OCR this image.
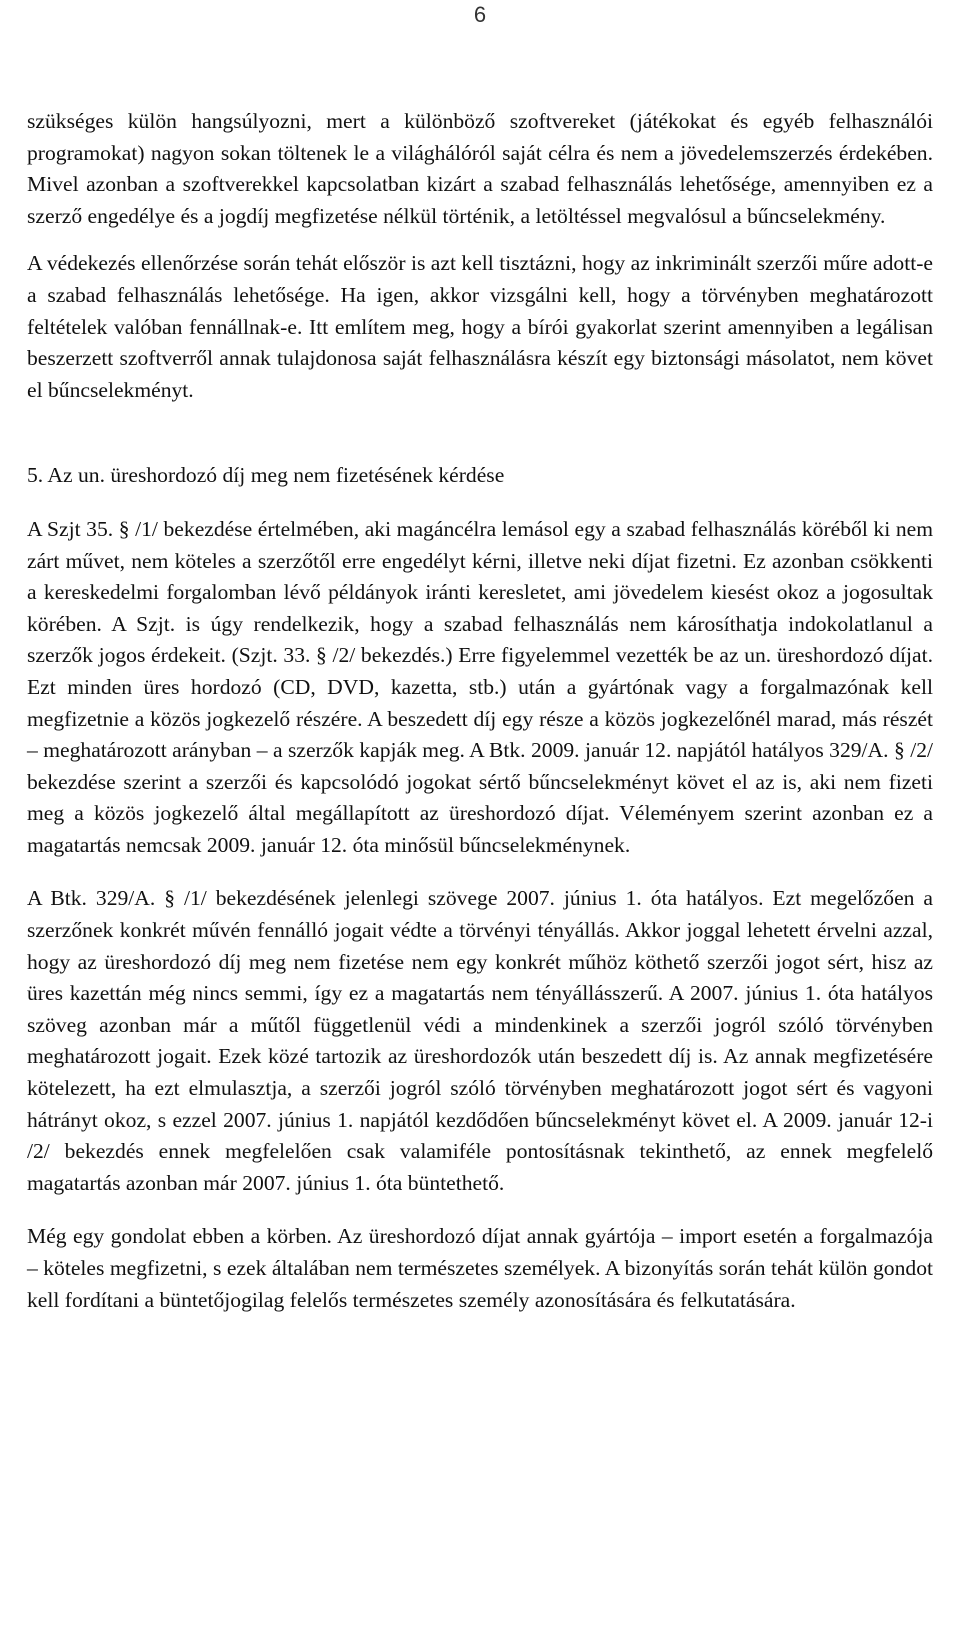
6

szükséges külön hangsúlyozni, mert a különböző szoftvereket (játékokat és egyéb felhasználói programokat) nagyon sokan töltenek le a világhálóról saját célra és nem a jövedelemszerzés érdekében. Mivel azonban a szoftverekkel kapcsolatban kizárt a szabad felhasználás lehetősége, amennyiben ez a szerző engedélye és a jogdíj megfizetése nélkül történik, a letöltéssel megvalósul a bűncselekmény.

A védekezés ellenőrzése során tehát először is azt kell tisztázni, hogy az inkriminált szerzői műre adott-e a szabad felhasználás lehetősége. Ha igen, akkor vizsgálni kell, hogy a törvényben meghatározott feltételek valóban fennállnak-e. Itt említem meg, hogy a bírói gyakorlat szerint amennyiben a legálisan beszerzett szoftverről annak tulajdonosa saját felhasználásra készít egy biztonsági másolatot, nem követ el bűncselekményt.

5. Az un. üreshordozó díj meg nem fizetésének kérdése

A Szjt 35. § /1/ bekezdése értelmében, aki magáncélra lemásol egy a szabad felhasználás köréből ki nem zárt művet, nem köteles a szerzőtől erre engedélyt kérni, illetve neki díjat fizetni. Ez azonban csökkenti a kereskedelmi forgalomban lévő példányok iránti keresletet, ami jövedelem kiesést okoz a jogosultak körében. A Szjt. is úgy rendelkezik, hogy a szabad felhasználás nem károsíthatja indokolatlanul a szerzők jogos érdekeit. (Szjt. 33. § /2/ bekezdés.) Erre figyelemmel vezették be az un. üreshordozó díjat. Ezt minden üres hordozó (CD, DVD, kazetta, stb.) után a gyártónak vagy a forgalmazónak kell megfizetnie a közös jogkezelő részére. A beszedett díj egy része a közös jogkezelőnél marad, más részét – meghatározott arányban – a szerzők kapják meg. A Btk. 2009. január 12. napjától hatályos 329/A. § /2/ bekezdése szerint a szerzői és kapcsolódó jogokat sértő bűncselekményt követ el az is, aki nem fizeti meg a közös jogkezelő által megállapított az üreshordozó díjat. Véleményem szerint azonban ez a magatartás nemcsak 2009. január 12. óta minősül bűncselekménynek.

A Btk. 329/A. § /1/ bekezdésének jelenlegi szövege 2007. június 1. óta hatályos. Ezt megelőzően a szerzőnek konkrét művén fennálló jogait védte a törvényi tényállás. Akkor joggal lehetett érvelni azzal, hogy az üreshordozó díj meg nem fizetése nem egy konkrét műhöz köthető szerzői jogot sért, hisz az üres kazettán még nincs semmi, így ez a magatartás nem tényállásszerű. A 2007. június 1. óta hatályos szöveg azonban már a műtől függetlenül védi a mindenkinek a szerzői jogról szóló törvényben meghatározott jogait. Ezek közé tartozik az üreshordozók után beszedett díj is. Az annak megfizetésére kötelezett, ha ezt elmulasztja, a szerzői jogról szóló törvényben meghatározott jogot sért és vagyoni hátrányt okoz, s ezzel 2007. június 1. napjától kezdődően bűncselekményt követ el. A 2009. január 12-i /2/ bekezdés ennek megfelelően csak valamiféle pontosításnak tekinthető, az ennek megfelelő magatartás azonban már 2007. június 1. óta büntethető.

Még egy gondolat ebben a körben. Az üreshordozó díjat annak gyártója – import esetén a forgalmazója – köteles megfizetni, s ezek általában nem természetes személyek. A bizonyítás során tehát külön gondot kell fordítani a büntetőjogilag felelős természetes személy azonosítására és felkutatására.
